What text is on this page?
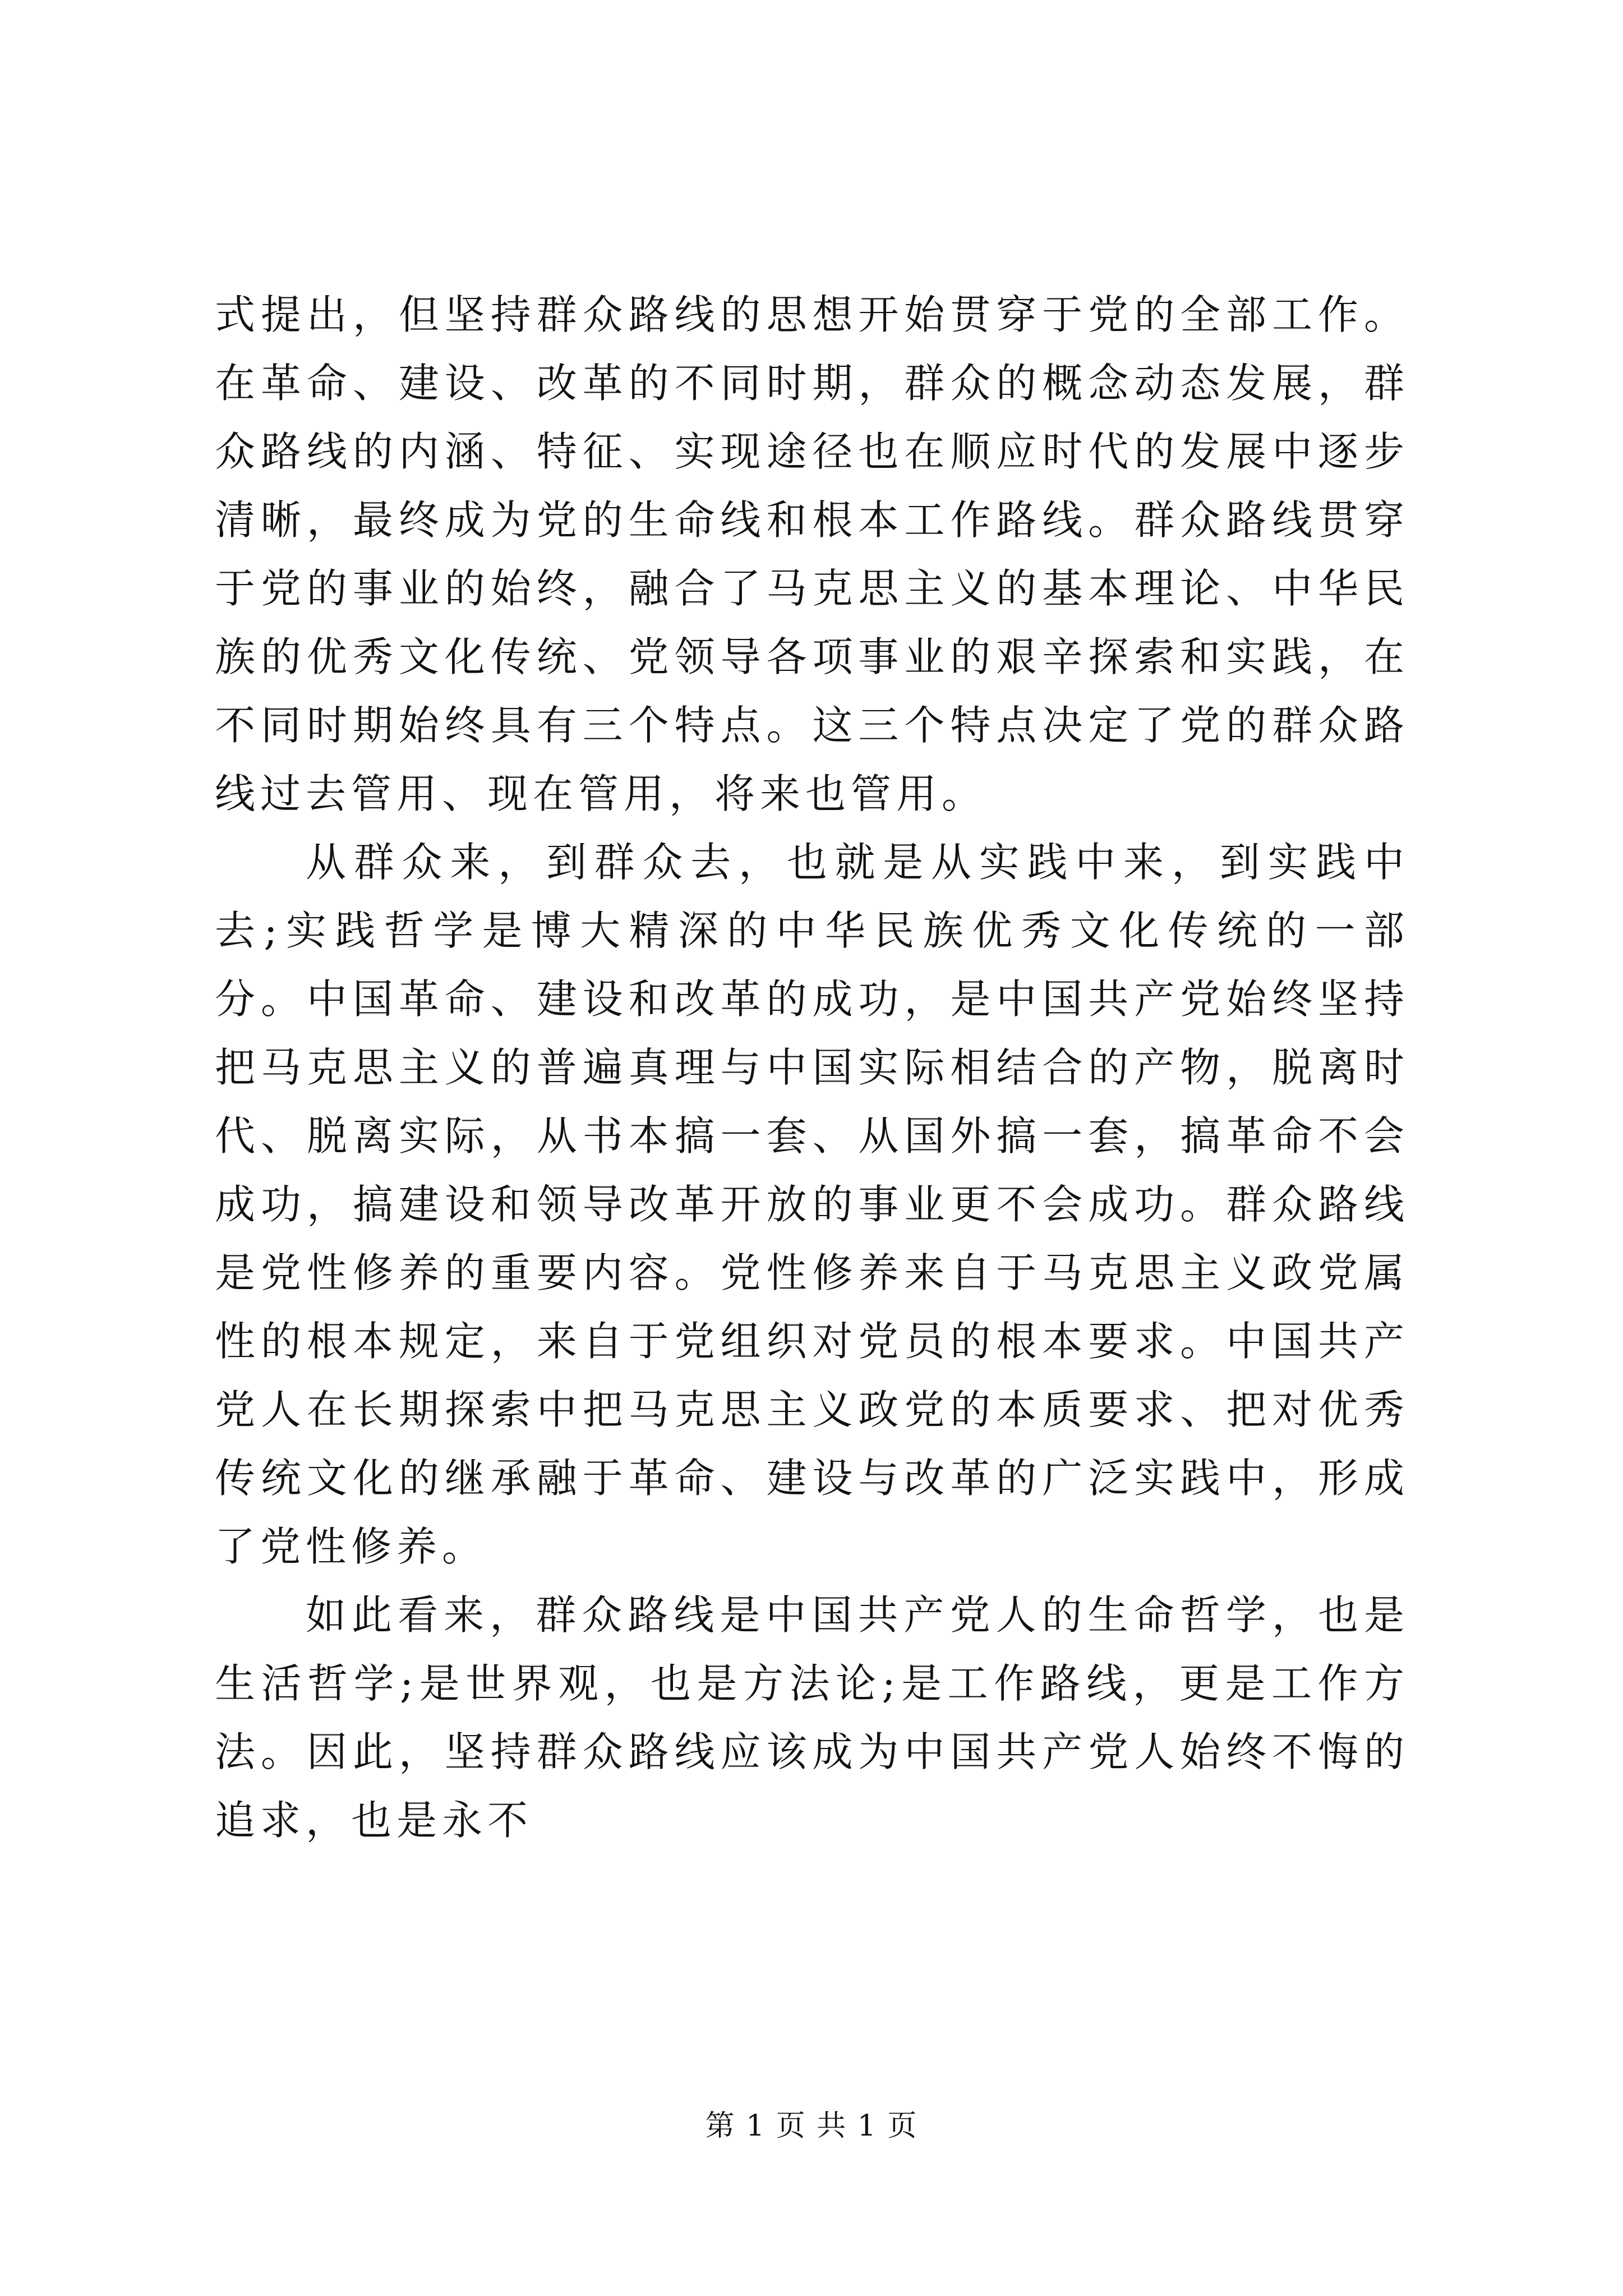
式提出，但坚持群众路线的思想开始贯穿于党的全部工作。在革命、建设、改革的不同时期，群众的概念动态发展，群众路线的内涵、特征、实现途径也在顺应时代的发展中逐步清晰，最终成为党的生命线和根本工作路线。群众路线贯穿于党的事业的始终，融合了马克思主义的基本理论、中华民族的优秀文化传统、党领导各项事业的艰辛探索和实践，在不同时期始终具有三个特点。这三个特点决定了党的群众路线过去管用、现在管用，将来也管用。

从群众来，到群众去，也就是从实践中来，到实践中去;实践哲学是博大精深的中华民族优秀文化传统的一部分。中国革命、建设和改革的成功，是中国共产党始终坚持把马克思主义的普遍真理与中国实际相结合的产物，脱离时代、脱离实际，从书本搞一套、从国外搞一套，搞革命不会成功，搞建设和领导改革开放的事业更不会成功。群众路线是党性修养的重要内容。党性修养来自于马克思主义政党属性的根本规定，来自于党组织对党员的根本要求。中国共产党人在长期探索中把马克思主义政党的本质要求、把对优秀传统文化的继承融于革命、建设与改革的广泛实践中，形成了党性修养。

如此看来，群众路线是中国共产党人的生命哲学，也是生活哲学;是世界观，也是方法论;是工作路线，更是工作方法。因此，坚持群众路线应该成为中国共产党人始终不悔的追求，也是永不

第 1 页 共 1 页
